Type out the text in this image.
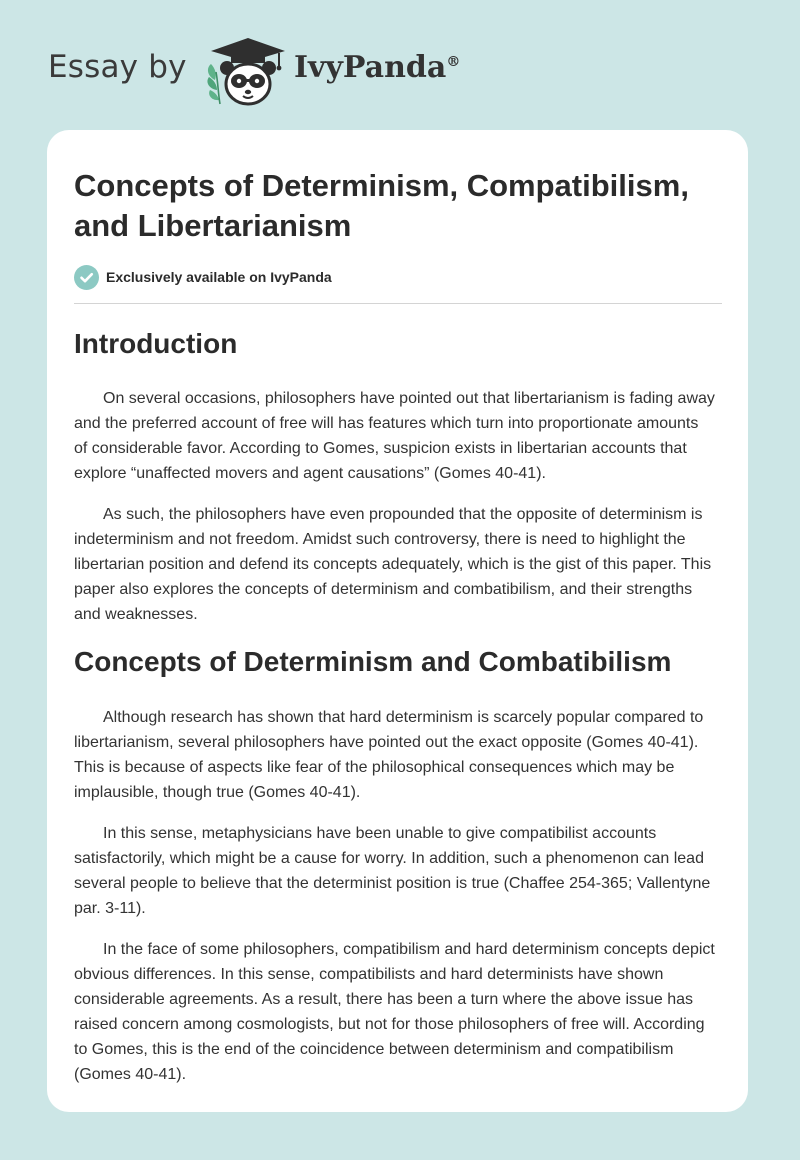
Essay by	IvyPanda®
Concepts of Determinism, Compatibilism, and Libertarianism
Exclusively available on IvyPanda
Introduction

On several occasions, philosophers have pointed out that libertarianism is fading away and the preferred account of free will has features which turn into proportionate amounts of considerable favor. According to Gomes, suspicion exists in libertarian accounts that explore “unaffected movers and agent causations” (Gomes 40-41).

As such, the philosophers have even propounded that the opposite of determinism is indeterminism and not freedom. Amidst such controversy, there is need to highlight the libertarian position and defend its concepts adequately, which is the gist of this paper. This paper also explores the concepts of determinism and combatibilism, and their strengths and weaknesses.

Concepts of Determinism and Combatibilism

Although research has shown that hard determinism is scarcely popular compared to libertarianism, several philosophers have pointed out the exact opposite (Gomes 40-41). This is because of aspects like fear of the philosophical consequences which may be implausible, though true (Gomes 40-41).

In this sense, metaphysicians have been unable to give compatibilist accounts satisfactorily, which might be a cause for worry. In addition, such a phenomenon can lead several people to believe that the determinist position is true (Chaffee 254-365; Vallentyne par. 3-11).

In the face of some philosophers, compatibilism and hard determinism concepts depict obvious differences. In this sense, compatibilists and hard determinists have shown considerable agreements. As a result, there has been a turn where the above issue has raised concern among cosmologists, but not for those philosophers of free will. According to Gomes, this is the end of the coincidence between determinism and compatibilism (Gomes 40-41).
